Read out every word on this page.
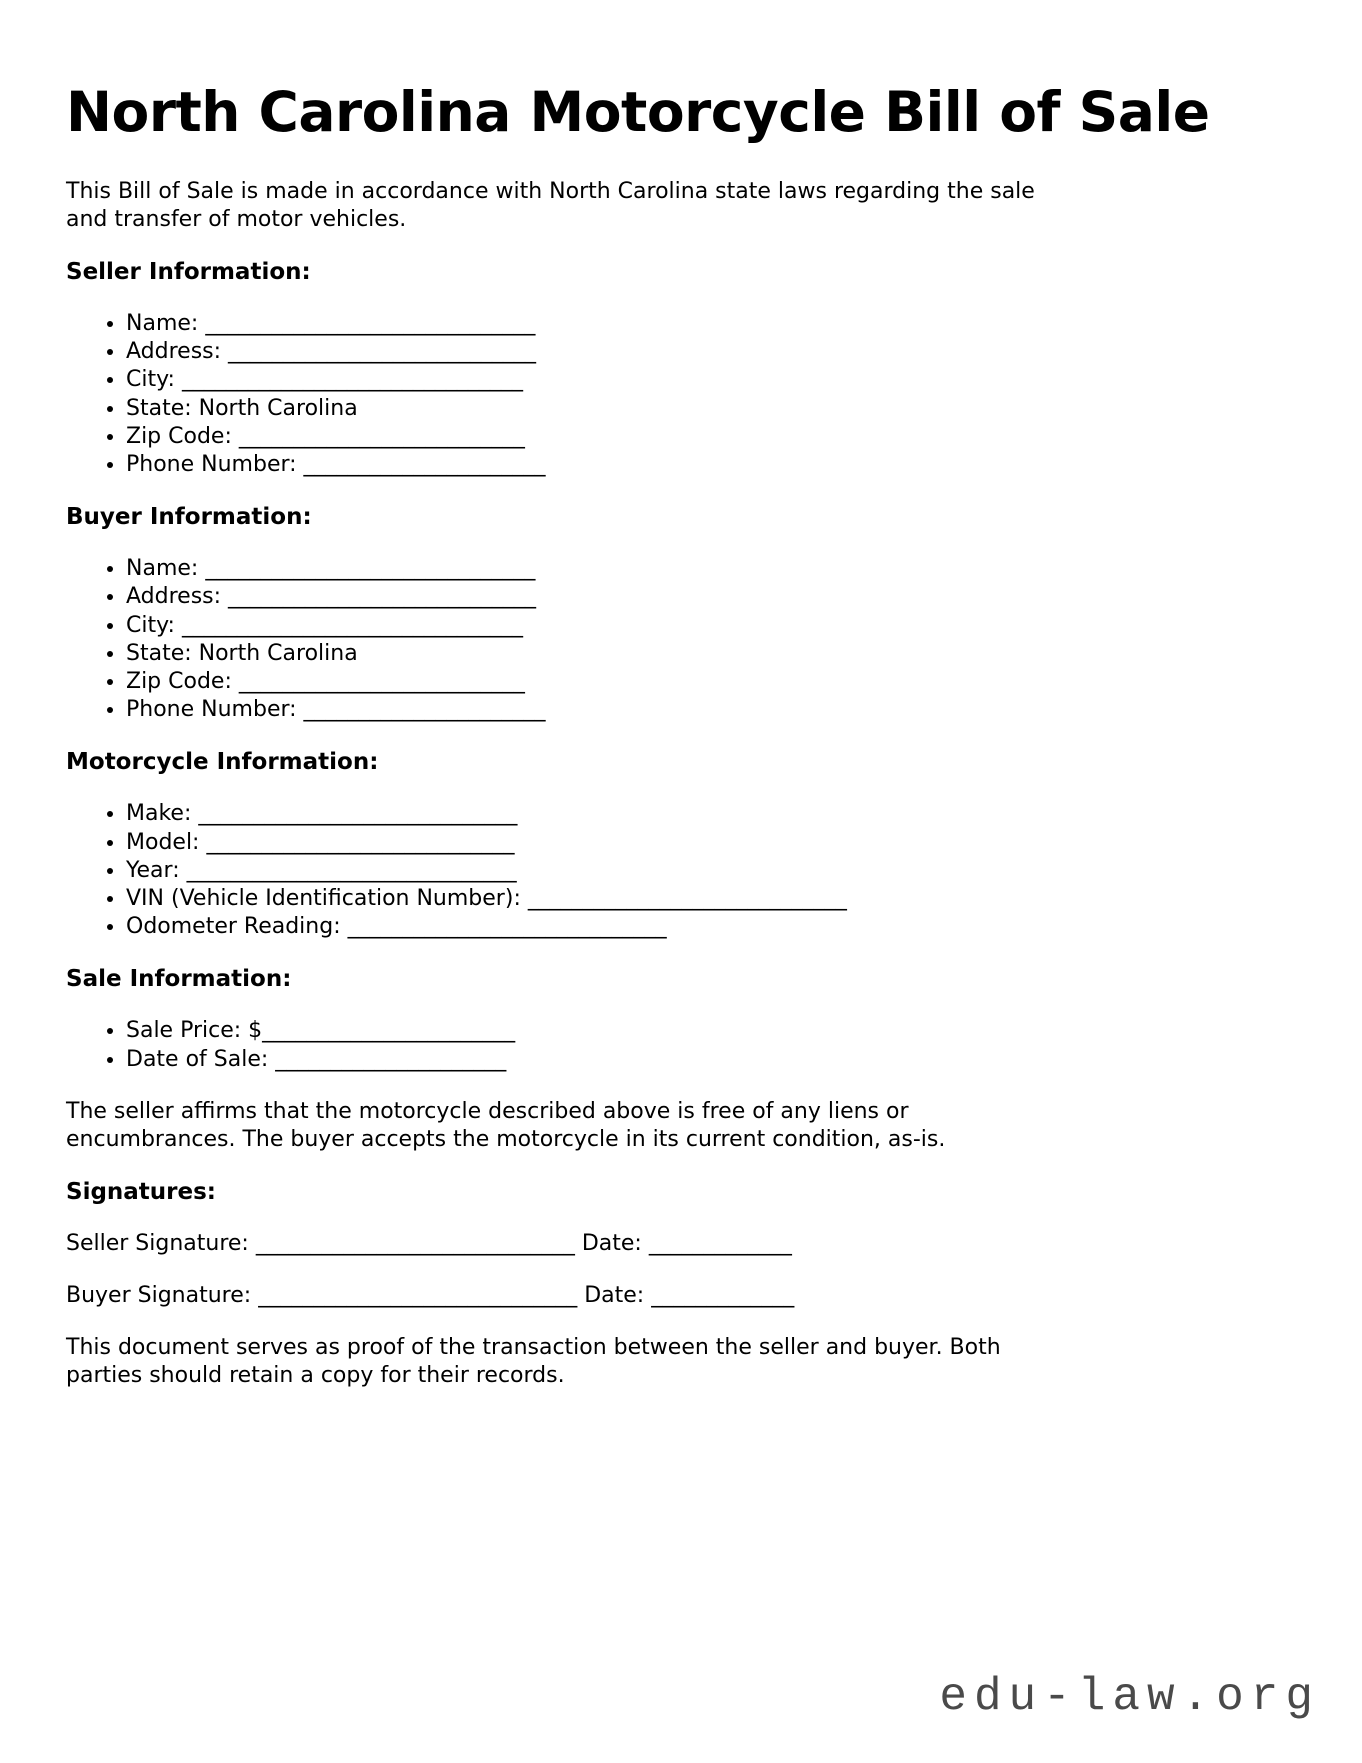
North Carolina Motorcycle Bill of Sale

This Bill of Sale is made in accordance with North Carolina state laws regarding the sale
and transfer of motor vehicles.

Seller Information:
• Name: ______________________________
• Address: ____________________________
• City: _______________________________
• State: North Carolina
• Zip Code: __________________________
• Phone Number: ______________________
Buyer Information:
• Name: ______________________________
• Address: ____________________________
• City: _______________________________
• State: North Carolina
• Zip Code: __________________________
• Phone Number: ______________________
Motorcycle Information:
• Make: _____________________________
• Model: ____________________________
• Year: ______________________________
• VIN (Vehicle Identification Number): _____________________________
• Odometer Reading: _____________________________
Sale Information:
• Sale Price: $_______________________
• Date of Sale: _____________________

The seller affirms that the motorcycle described above is free of any liens or
encumbrances. The buyer accepts the motorcycle in its current condition, as-is.

Signatures:

Seller Signature: _____________________________ Date: _____________

Buyer Signature: _____________________________ Date: _____________

This document serves as proof of the transaction between the seller and buyer. Both
parties should retain a copy for their records.

edu-law.org
